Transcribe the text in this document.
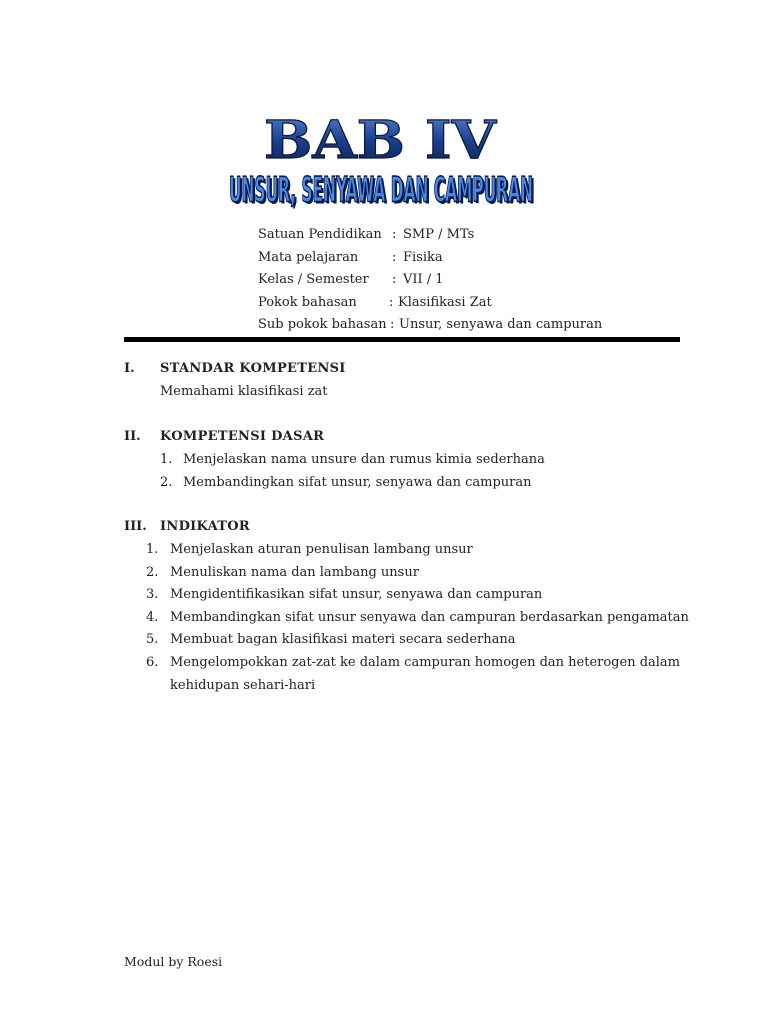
BAB IV
UNSUR, SENYAWA DAN CAMPURAN
UNSUR, SENYAWA DAN CAMPURAN
Satuan Pendidikan : SMP / MTs
Mata pelajaran	: Fisika
Kelas / Semester : VII / 1
Pokok bahasan : Klasifikasi Zat
Sub pokok bahasan : Unsur, senyawa dan campuran
I. STANDAR KOMPETENSI
Memahami klasifikasi zat
II. KOMPETENSI DASAR
1. Menjelaskan nama unsure dan rumus kimia sederhana
2. Membandingkan sifat unsur, senyawa dan campuran
III. INDIKATOR
1. Menjelaskan aturan penulisan lambang unsur
2. Menuliskan nama dan lambang unsur
3. Mengidentifikasikan sifat unsur, senyawa dan campuran
4. Membandingkan sifat unsur senyawa dan campuran berdasarkan pengamatan
5. Membuat bagan klasifikasi materi secara sederhana
6. Mengelompokkan zat-zat ke dalam campuran homogen dan heterogen dalam
kehidupan sehari-hari
Modul by Roesi
